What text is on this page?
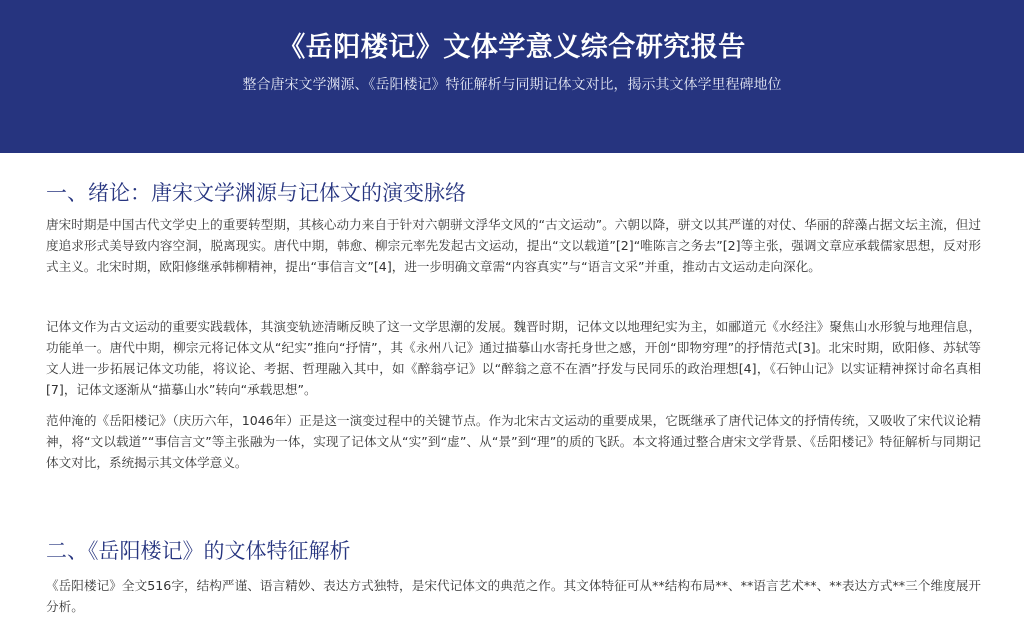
《岳阳楼记》文体学意义综合研究报告

整合唐宋文学渊源、《岳阳楼记》特征解析与同期记体文对比，揭示其文体学里程碑地位

一、绪论：唐宋文学渊源与记体文的演变脉络

唐宋时期是中国古代文学史上的重要转型期，其核心动力来自于针对六朝骈文浮华文风的“古文运动”。六朝以降，骈文以其严谨的对仗、华丽的辞藻占据文坛主流，但过度追求形式美导致内容空洞，脱离现实。唐代中期，韩愈、柳宗元率先发起古文运动，提出“文以载道”[2]“唯陈言之务去”[2]等主张，强调文章应承载儒家思想，反对形式主义。北宋时期，欧阳修继承韩柳精神，提出“事信言文”[4]，进一步明确文章需“内容真实”与“语言文采”并重，推动古文运动走向深化。

记体文作为古文运动的重要实践载体，其演变轨迹清晰反映了这一文学思潮的发展。魏晋时期，记体文以地理纪实为主，如郦道元《水经注》聚焦山水形貌与地理信息，功能单一。唐代中期，柳宗元将记体文从“纪实”推向“抒情”，其《永州八记》通过描摹山水寄托身世之感，开创“即物穷理”的抒情范式[3]。北宋时期，欧阳修、苏轼等文人进一步拓展记体文功能，将议论、考据、哲理融入其中，如《醉翁亭记》以“醉翁之意不在酒”抒发与民同乐的政治理想[4]，《石钟山记》以实证精神探讨命名真相[7]，记体文逐渐从“描摹山水”转向“承载思想”。

范仲淹的《岳阳楼记》（庆历六年，1046年）正是这一演变过程中的关键节点。作为北宋古文运动的重要成果，它既继承了唐代记体文的抒情传统，又吸收了宋代议论精神，将“文以载道”“事信言文”等主张融为一体，实现了记体文从“实”到“虚”、从“景”到“理”的质的飞跃。本文将通过整合唐宋文学背景、《岳阳楼记》特征解析与同期记体文对比，系统揭示其文体学意义。

二、《岳阳楼记》的文体特征解析

《岳阳楼记》全文516字，结构严谨、语言精妙、表达方式独特，是宋代记体文的典范之作。其文体特征可从**结构布局**、**语言艺术**、**表达方式**三个维度展开分析。
